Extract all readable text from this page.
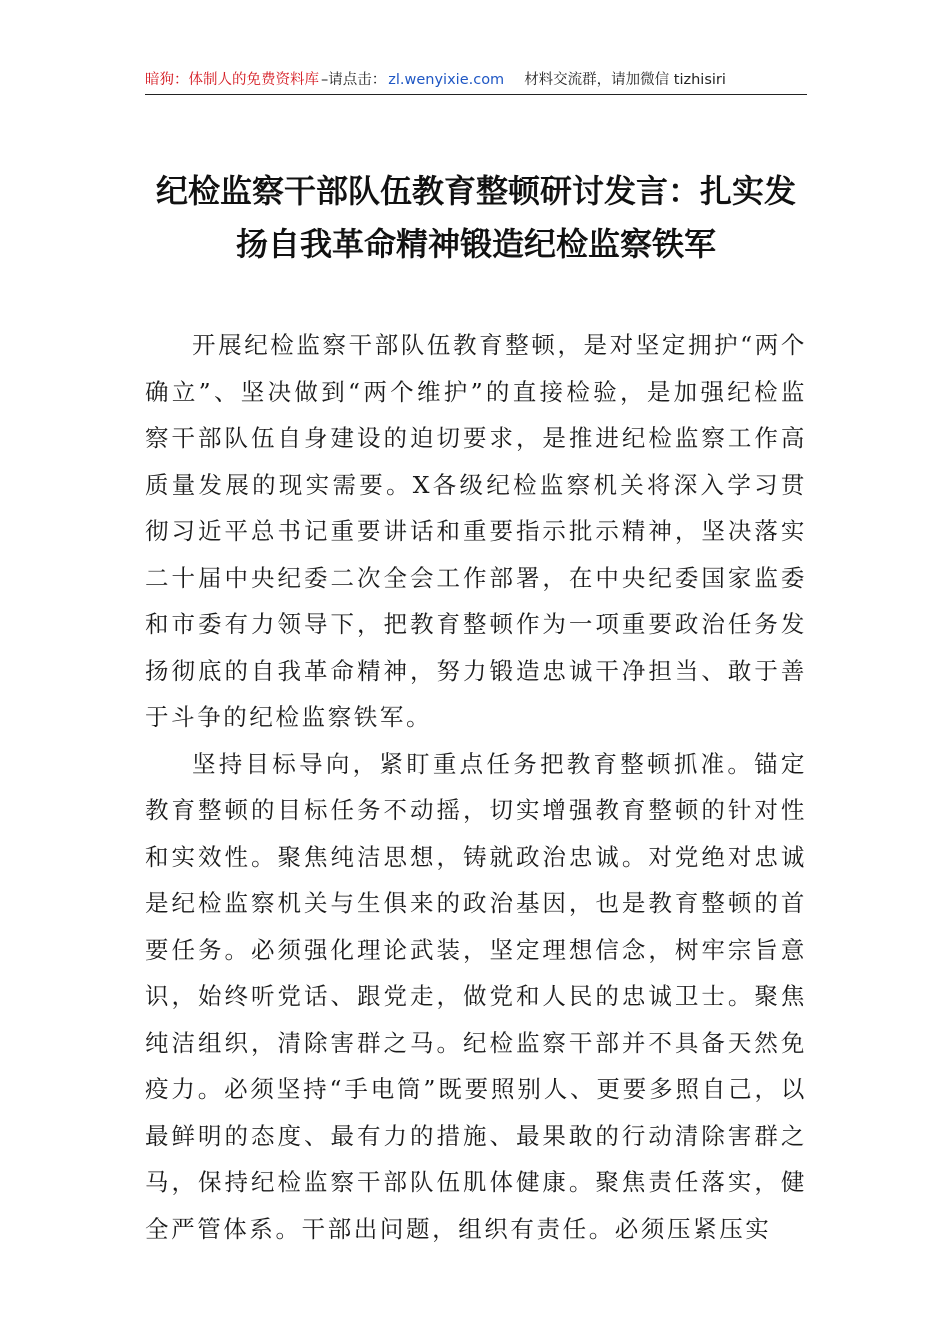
暗狗：体制人的免费资料库 –请点击： zl.wenyixie.com 材料交流群，请加微信 tizhisiri
纪检监察干部队伍教育整顿研讨发言：扎实发扬自我革命精神锻造纪检监察铁军

开展纪检监察干部队伍教育整顿，是对坚定拥护“两个确立”、坚决做到“两个维护”的直接检验，是加强纪检监察干部队伍自身建设的迫切要求，是推进纪检监察工作高质量发展的现实需要。X各级纪检监察机关将深入学习贯彻习近平总书记重要讲话和重要指示批示精神，坚决落实二十届中央纪委二次全会工作部署，在中央纪委国家监委和市委有力领导下，把教育整顿作为一项重要政治任务发扬彻底的自我革命精神，努力锻造忠诚干净担当、敢于善于斗争的纪检监察铁军。

坚持目标导向，紧盯重点任务把教育整顿抓准。锚定教育整顿的目标任务不动摇，切实增强教育整顿的针对性和实效性。聚焦纯洁思想，铸就政治忠诚。对党绝对忠诚是纪检监察机关与生俱来的政治基因，也是教育整顿的首要任务。必须强化理论武装，坚定理想信念，树牢宗旨意识，始终听党话、跟党走，做党和人民的忠诚卫士。聚焦纯洁组织，清除害群之马。纪检监察干部并不具备天然免疫力。必须坚持“手电筒”既要照别人、更要多照自己，以最鲜明的态度、最有力的措施、最果敢的行动清除害群之马，保持纪检监察干部队伍肌体健康。聚焦责任落实，健全严管体系。干部出问题，组织有责任。必须压紧压实
